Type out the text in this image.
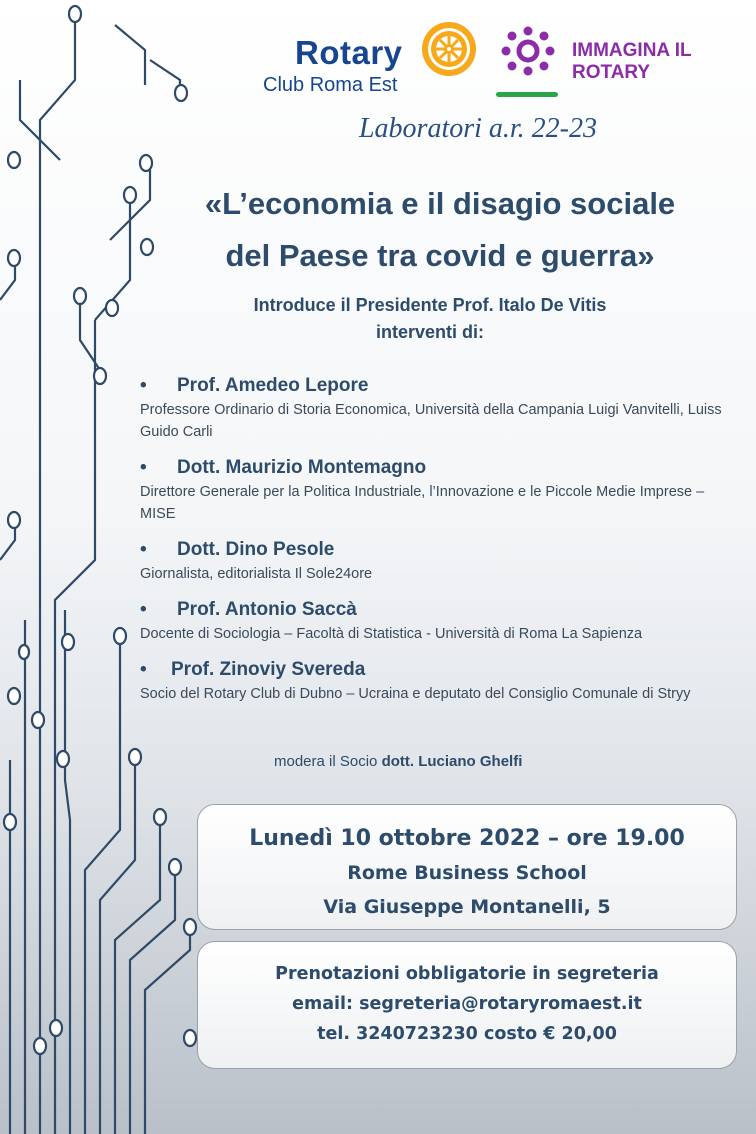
Rotary
Club Roma Est
IMMAGINA IL
ROTARY
Laboratori a.r. 22-23
«L’economia e il disagio sociale
del Paese tra covid e guerra»
Introduce il Presidente Prof. Italo De Vitis
interventi di:
• Prof. Amedeo Lepore
Professore Ordinario di Storia Economica, Università della Campania Luigi Vanvitelli, Luiss Guido Carli
• Dott. Maurizio Montemagno
Direttore Generale per la Politica Industriale, l’Innovazione e le Piccole Medie Imprese – MISE
• Dott. Dino Pesole
Giornalista, editorialista Il Sole24ore
• Prof. Antonio Saccà
Docente di Sociologia – Facoltà di Statistica - Università di Roma La Sapienza
• Prof. Zinoviy Svereda
Socio del Rotary Club di Dubno – Ucraina e deputato del Consiglio Comunale di Stryy
modera il Socio dott. Luciano Ghelfi
Lunedì 10 ottobre 2022 – ore 19.00
Rome Business School
Via Giuseppe Montanelli, 5
Prenotazioni obbligatorie in segreteria
email: segreteria@rotaryromaest.it
tel. 3240723230 costo € 20,00
